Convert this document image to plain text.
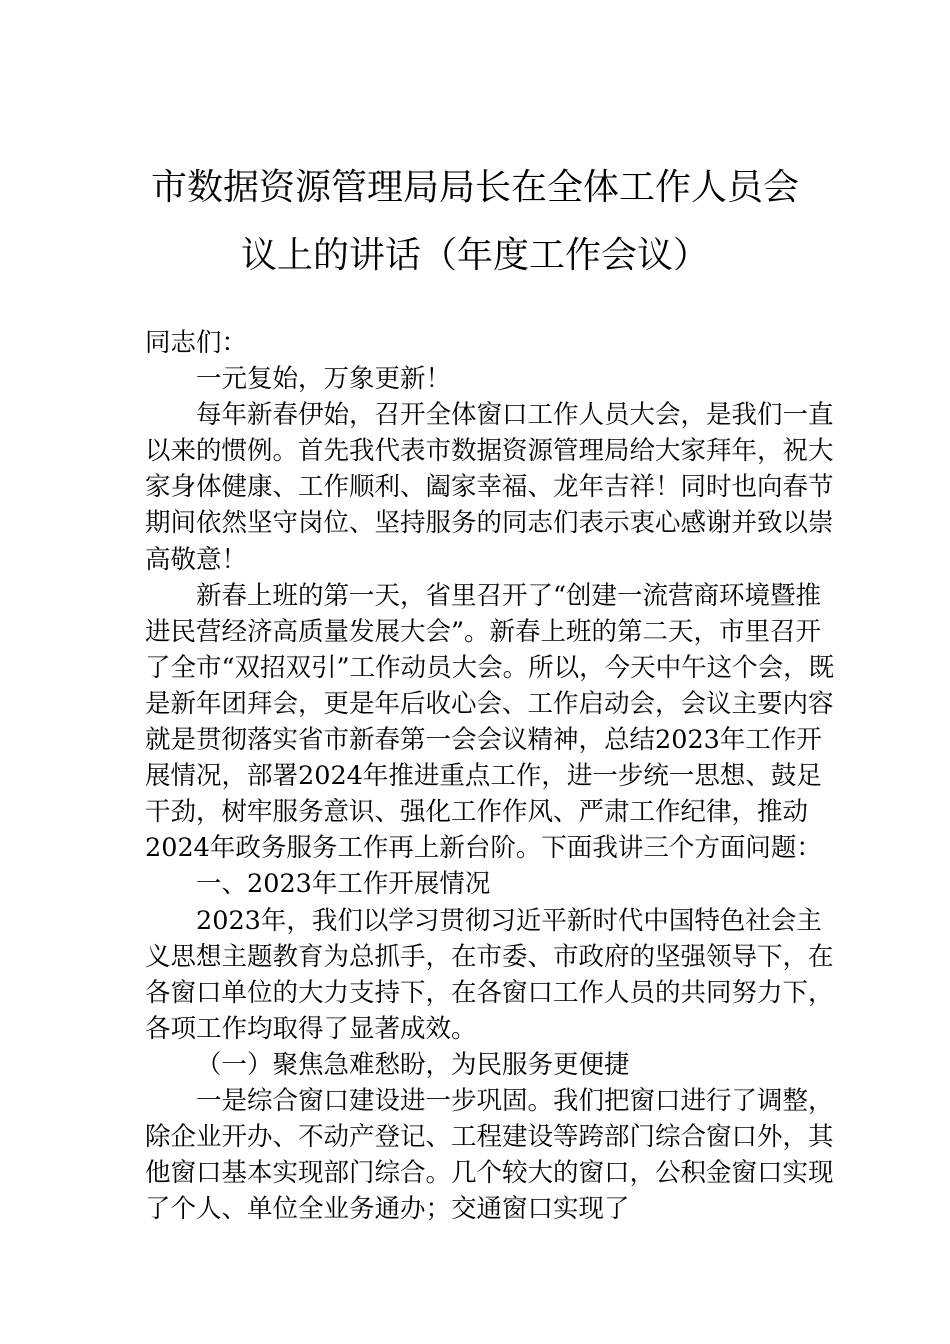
市数据资源管理局局长在全体工作人员会
议上的讲话（年度工作会议）

同志们：

一元复始，万象更新！

每年新春伊始，召开全体窗口工作人员大会，是我们一直以来的惯例。首先我代表市数据资源管理局给大家拜年，祝大家身体健康、工作顺利、阖家幸福、龙年吉祥！同时也向春节期间依然坚守岗位、坚持服务的同志们表示衷心感谢并致以崇高敬意！

新春上班的第一天，省里召开了“创建一流营商环境暨推进民营经济高质量发展大会”。新春上班的第二天，市里召开了全市“双招双引”工作动员大会。所以，今天中午这个会，既是新年团拜会，更是年后收心会、工作启动会，会议主要内容就是贯彻落实省市新春第一会会议精神，总结2023年工作开展情况，部署2024年推进重点工作，进一步统一思想、鼓足干劲，树牢服务意识、强化工作作风、严肃工作纪律，推动2024年政务服务工作再上新台阶。下面我讲三个方面问题：

一、2023年工作开展情况

2023年，我们以学习贯彻习近平新时代中国特色社会主义思想主题教育为总抓手，在市委、市政府的坚强领导下，在各窗口单位的大力支持下，在各窗口工作人员的共同努力下，各项工作均取得了显著成效。

（一）聚焦急难愁盼，为民服务更便捷

一是综合窗口建设进一步巩固。我们把窗口进行了调整，除企业开办、不动产登记、工程建设等跨部门综合窗口外，其他窗口基本实现部门综合。几个较大的窗口，公积金窗口实现了个人、单位全业务通办；交通窗口实现了
